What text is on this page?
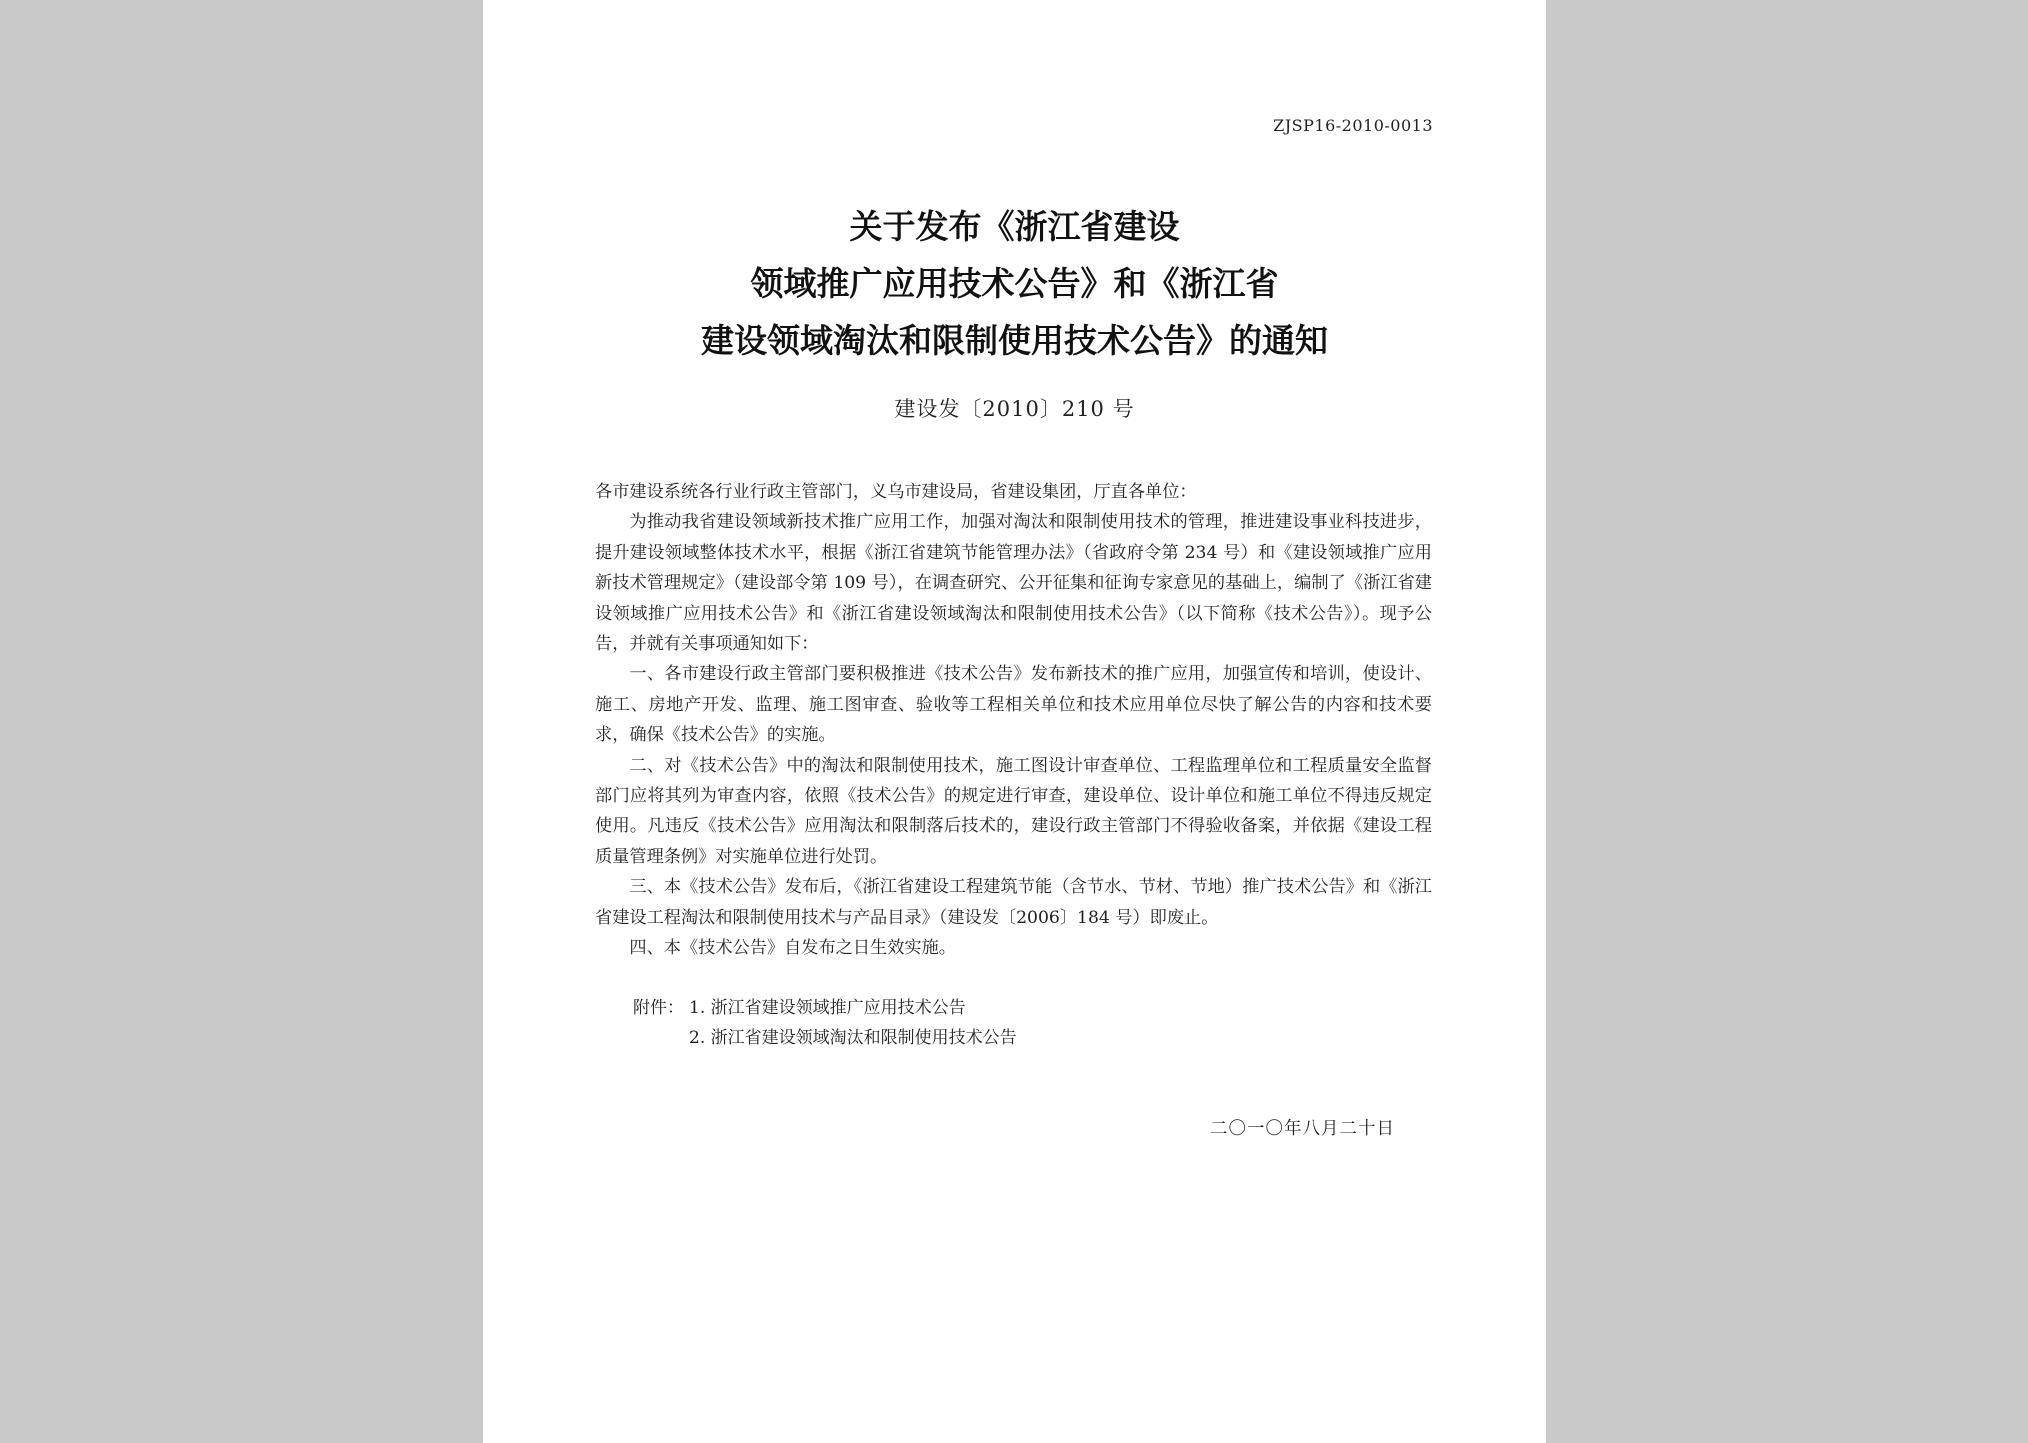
ZJSP16-2010-0013
关于发布《浙江省建设
领域推广应用技术公告》和《浙江省
建设领域淘汰和限制使用技术公告》的通知
建设发〔2010〕210 号

各市建设系统各行业行政主管部门，义乌市建设局，省建设集团，厅直各单位：

为推动我省建设领域新技术推广应用工作，加强对淘汰和限制使用技术的管理，推进建设事业科技进步，提升建设领域整体技术水平，根据《浙江省建筑节能管理办法》（省政府令第 234 号）和《建设领域推广应用新技术管理规定》（建设部令第 109 号），在调查研究、公开征集和征询专家意见的基础上，编制了《浙江省建设领域推广应用技术公告》和《浙江省建设领域淘汰和限制使用技术公告》（以下简称《技术公告》）。现予公告，并就有关事项通知如下：

一、各市建设行政主管部门要积极推进《技术公告》发布新技术的推广应用，加强宣传和培训，使设计、施工、房地产开发、监理、施工图审查、验收等工程相关单位和技术应用单位尽快了解公告的内容和技术要求，确保《技术公告》的实施。

二、对《技术公告》中的淘汰和限制使用技术，施工图设计审查单位、工程监理单位和工程质量安全监督部门应将其列为审查内容，依照《技术公告》的规定进行审查，建设单位、设计单位和施工单位不得违反规定使用。凡违反《技术公告》应用淘汰和限制落后技术的，建设行政主管部门不得验收备案，并依据《建设工程质量管理条例》对实施单位进行处罚。

三、本《技术公告》发布后，《浙江省建设工程建筑节能（含节水、节材、节地）推广技术公告》和《浙江省建设工程淘汰和限制使用技术与产品目录》（建设发〔2006〕184 号）即废止。

四、本《技术公告》自发布之日生效实施。

附件： 1. 浙江省建设领域推广应用技术公告
2. 浙江省建设领域淘汰和限制使用技术公告
二〇一〇年八月二十日
